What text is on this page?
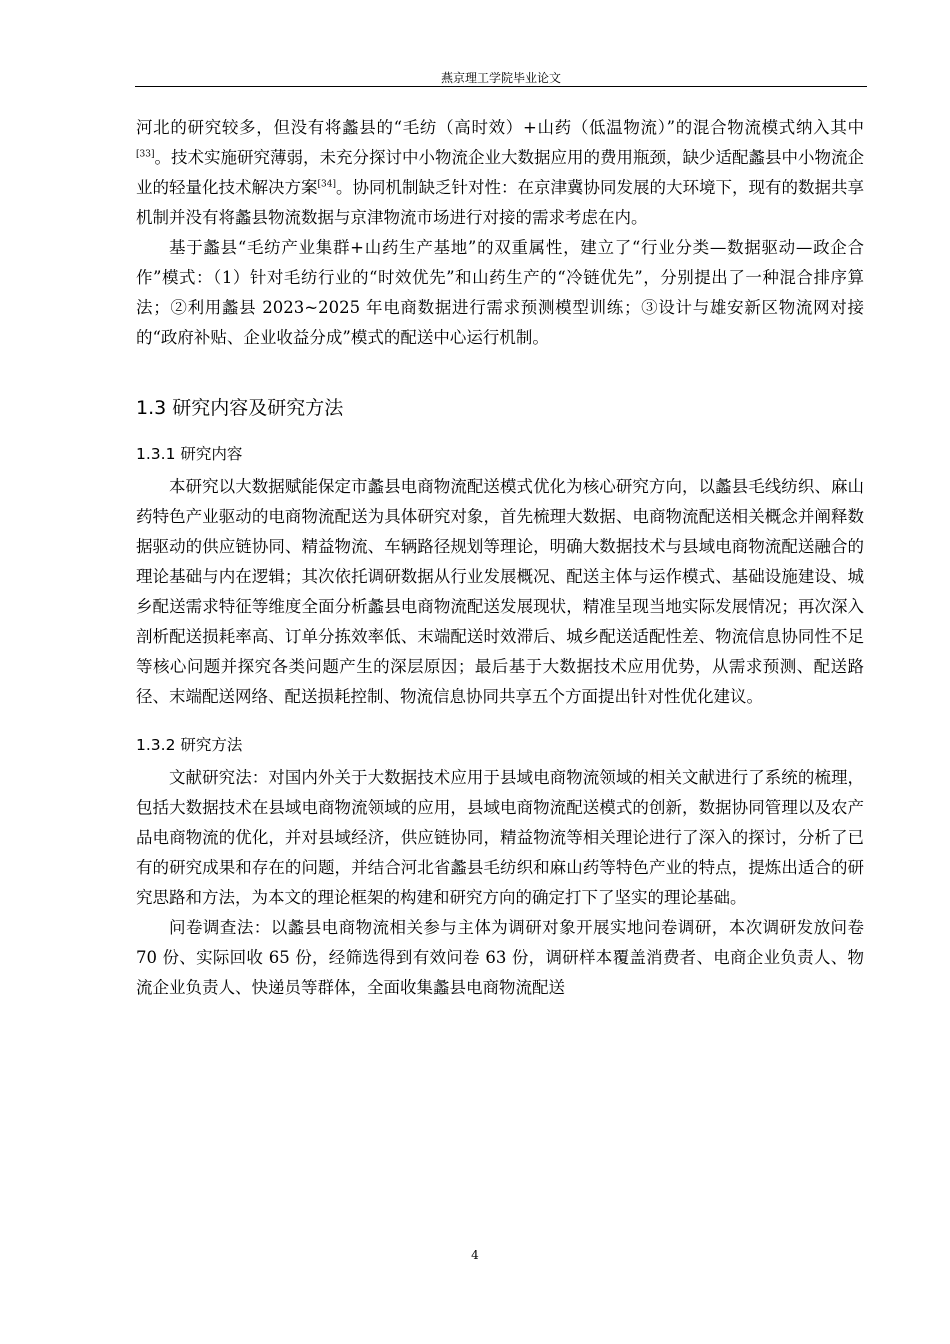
燕京理工学院毕业论文

河北的研究较多，但没有将蠡县的“毛纺（高时效）+山药（低温物流）”的混合物流模式纳入其中[33]。技术实施研究薄弱，未充分探讨中小物流企业大数据应用的费用瓶颈，缺少适配蠡县中小物流企业的轻量化技术解决方案[34]。协同机制缺乏针对性：在京津冀协同发展的大环境下，现有的数据共享机制并没有将蠡县物流数据与京津物流市场进行对接的需求考虑在内。

基于蠡县“毛纺产业集群+山药生产基地”的双重属性，建立了“行业分类—数据驱动—政企合作”模式：（1）针对毛纺行业的“时效优先”和山药生产的“冷链优先”，分别提出了一种混合排序算法；②利用蠡县 2023~2025 年电商数据进行需求预测模型训练；③设计与雄安新区物流网对接的“政府补贴、企业收益分成”模式的配送中心运行机制。

1.3 研究内容及研究方法
1.3.1 研究内容

本研究以大数据赋能保定市蠡县电商物流配送模式优化为核心研究方向，以蠡县毛线纺织、麻山药特色产业驱动的电商物流配送为具体研究对象，首先梳理大数据、电商物流配送相关概念并阐释数据驱动的供应链协同、精益物流、车辆路径规划等理论，明确大数据技术与县域电商物流配送融合的理论基础与内在逻辑；其次依托调研数据从行业发展概况、配送主体与运作模式、基础设施建设、城乡配送需求特征等维度全面分析蠡县电商物流配送发展现状，精准呈现当地实际发展情况；再次深入剖析配送损耗率高、订单分拣效率低、末端配送时效滞后、城乡配送适配性差、物流信息协同性不足等核心问题并探究各类问题产生的深层原因；最后基于大数据技术应用优势，从需求预测、配送路径、末端配送网络、配送损耗控制、物流信息协同共享五个方面提出针对性优化建议。

1.3.2 研究方法

文献研究法：对国内外关于大数据技术应用于县域电商物流领域的相关文献进行了系统的梳理，包括大数据技术在县域电商物流领域的应用，县域电商物流配送模式的创新，数据协同管理以及农产品电商物流的优化，并对县域经济，供应链协同，精益物流等相关理论进行了深入的探讨，分析了已有的研究成果和存在的问题，并结合河北省蠡县毛纺织和麻山药等特色产业的特点，提炼出适合的研究思路和方法，为本文的理论框架的构建和研究方向的确定打下了坚实的理论基础。

问卷调查法：以蠡县电商物流相关参与主体为调研对象开展实地问卷调研，本次调研发放问卷 70 份、实际回收 65 份，经筛选得到有效问卷 63 份，调研样本覆盖消费者、电商企业负责人、物流企业负责人、快递员等群体，全面收集蠡县电商物流配送

4
